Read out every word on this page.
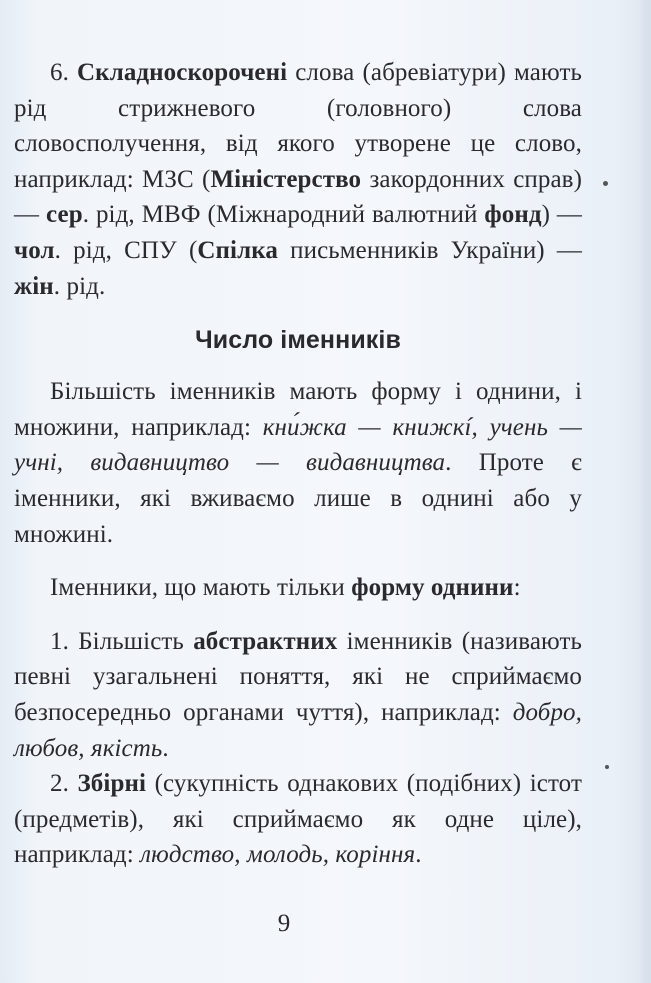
6. Складноскорочені слова (абревіатури) мають рід стрижневого (головного) слова словосполучення, від якого утворене це слово, наприклад: МЗС (Міністерство закордонних справ) — сер. рід, МВФ (Міжнародний валютний фонд) — чол. рід, СПУ (Спілка письменників України) — жін. рід.

Число іменників

Більшість іменників мають форму і однини, і множини, наприклад: кни́жка — книжкí, учень — учні, видавництво — видавництва. Проте є іменники, які вживаємо лише в однині або у множині.

Іменники, що мають тільки форму однини:

1. Більшість абстрактних іменників (називають певні узагальнені поняття, які не сприймаємо безпосередньо органами чуття), наприклад: добро, любов, якість.

2. Збірні (сукупність однакових (подібних) істот (предметів), які сприймаємо як одне ціле), наприклад: людство, молодь, коріння.

9
